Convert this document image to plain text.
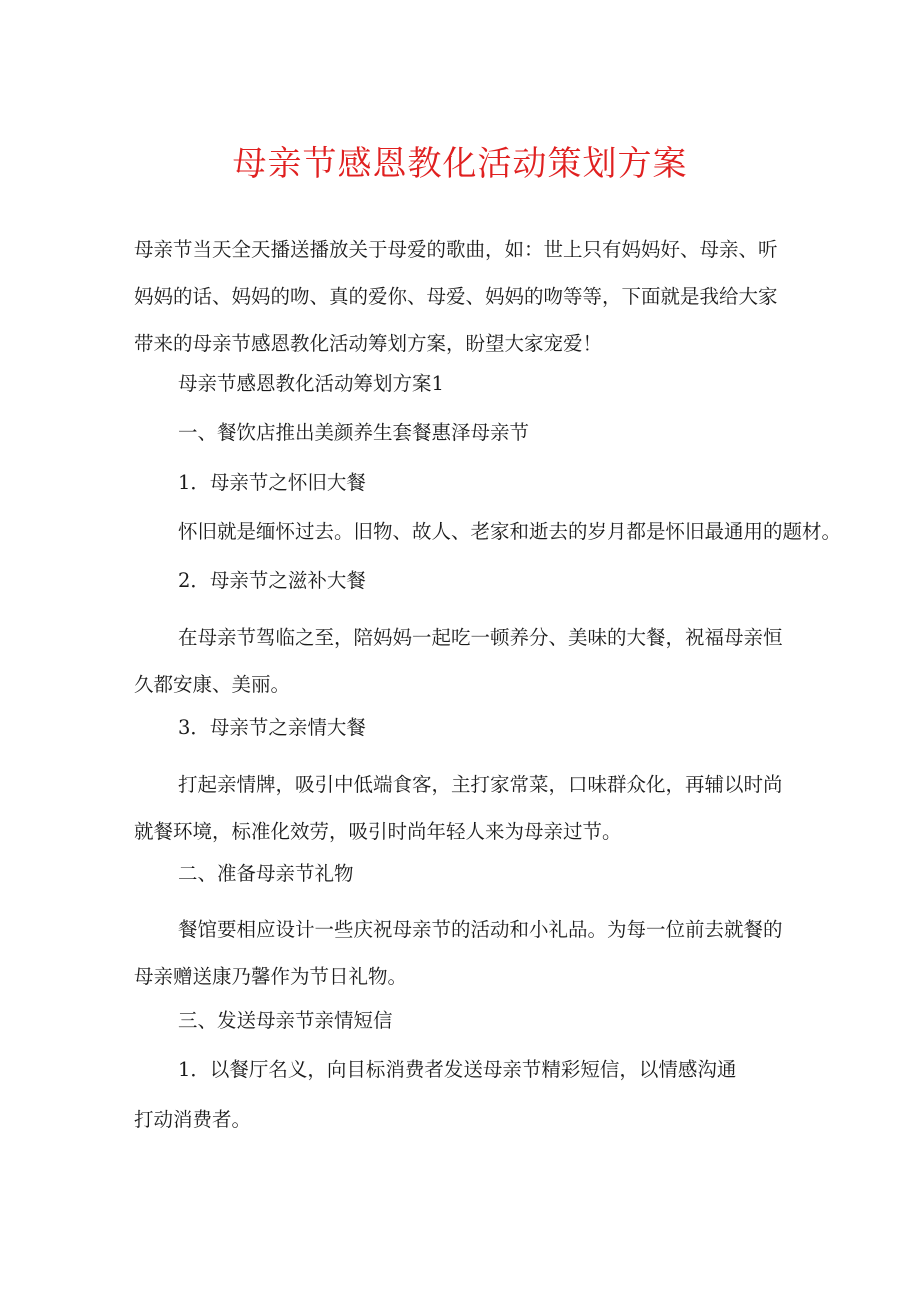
母亲节感恩教化活动策划方案

母亲节当天全天播送播放关于母爱的歌曲，如：世上只有妈妈好、母亲、听妈妈的话、妈妈的吻、真的爱你、母爱、妈妈的吻等等，下面就是我给大家带来的母亲节感恩教化活动筹划方案，盼望大家宠爱！

母亲节感恩教化活动筹划方案1
一、餐饮店推出美颜养生套餐惠泽母亲节
1．母亲节之怀旧大餐
怀旧就是缅怀过去。旧物、故人、老家和逝去的岁月都是怀旧最通用的题材。
2．母亲节之滋补大餐

在母亲节驾临之至，陪妈妈一起吃一顿养分、美味的大餐，祝福母亲恒久都安康、美丽。

3．母亲节之亲情大餐

打起亲情牌，吸引中低端食客，主打家常菜，口味群众化，再辅以时尚就餐环境，标准化效劳，吸引时尚年轻人来为母亲过节。

二、准备母亲节礼物

餐馆要相应设计一些庆祝母亲节的活动和小礼品。为每一位前去就餐的母亲赠送康乃馨作为节日礼物。

三、发送母亲节亲情短信
1．以餐厅名义，向目标消费者发送母亲节精彩短信，以情感沟通
打动消费者。
